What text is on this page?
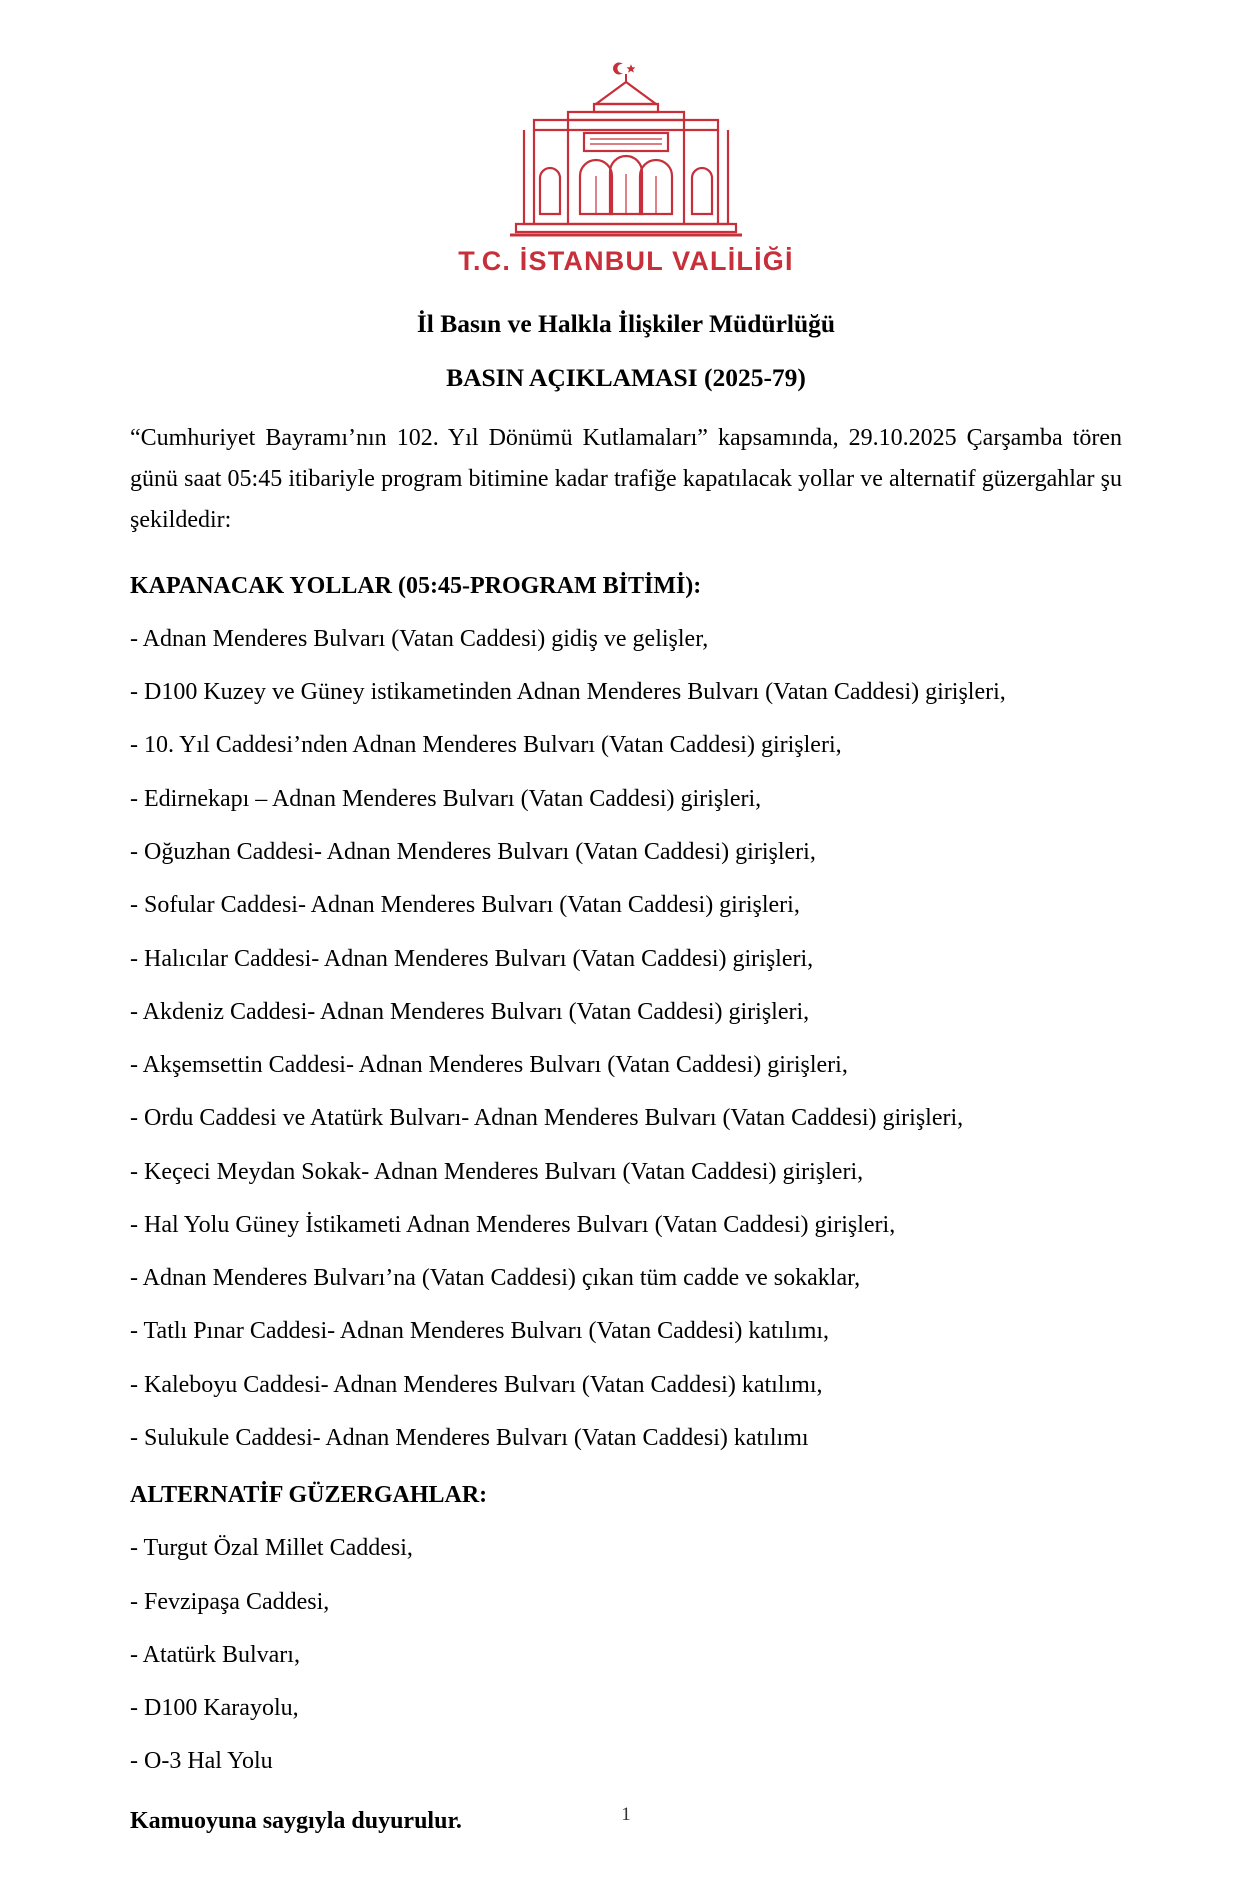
T.C. İSTANBUL VALİLİĞİ
İl Basın ve Halkla İlişkiler Müdürlüğü
BASIN AÇIKLAMASI (2025-79)

“Cumhuriyet Bayramı’nın 102. Yıl Dönümü Kutlamaları” kapsamında, 29.10.2025 Çarşamba tören günü saat 05:45 itibariyle program bitimine kadar trafiğe kapatılacak yollar ve alternatif güzergahlar şu şekildedir:

KAPANACAK YOLLAR (05:45-PROGRAM BİTİMİ):
- Adnan Menderes Bulvarı (Vatan Caddesi) gidiş ve gelişler,
- D100 Kuzey ve Güney istikametinden Adnan Menderes Bulvarı (Vatan Caddesi) girişleri,
- 10. Yıl Caddesi’nden Adnan Menderes Bulvarı (Vatan Caddesi) girişleri,
- Edirnekapı – Adnan Menderes Bulvarı (Vatan Caddesi) girişleri,
- Oğuzhan Caddesi- Adnan Menderes Bulvarı (Vatan Caddesi) girişleri,
- Sofular Caddesi- Adnan Menderes Bulvarı (Vatan Caddesi) girişleri,
- Halıcılar Caddesi- Adnan Menderes Bulvarı (Vatan Caddesi) girişleri,
- Akdeniz Caddesi- Adnan Menderes Bulvarı (Vatan Caddesi) girişleri,
- Akşemsettin Caddesi- Adnan Menderes Bulvarı (Vatan Caddesi) girişleri,
- Ordu Caddesi ve Atatürk Bulvarı- Adnan Menderes Bulvarı (Vatan Caddesi) girişleri,
- Keçeci Meydan Sokak- Adnan Menderes Bulvarı (Vatan Caddesi) girişleri,
- Hal Yolu Güney İstikameti Adnan Menderes Bulvarı (Vatan Caddesi) girişleri,
- Adnan Menderes Bulvarı’na (Vatan Caddesi) çıkan tüm cadde ve sokaklar,
- Tatlı Pınar Caddesi- Adnan Menderes Bulvarı (Vatan Caddesi) katılımı,
- Kaleboyu Caddesi- Adnan Menderes Bulvarı (Vatan Caddesi) katılımı,
- Sulukule Caddesi- Adnan Menderes Bulvarı (Vatan Caddesi) katılımı
ALTERNATİF GÜZERGAHLAR:
- Turgut Özal Millet Caddesi,
- Fevzipaşa Caddesi,
- Atatürk Bulvarı,
- D100 Karayolu,
- O-3 Hal Yolu
Kamuoyuna saygıyla duyurulur.	1
